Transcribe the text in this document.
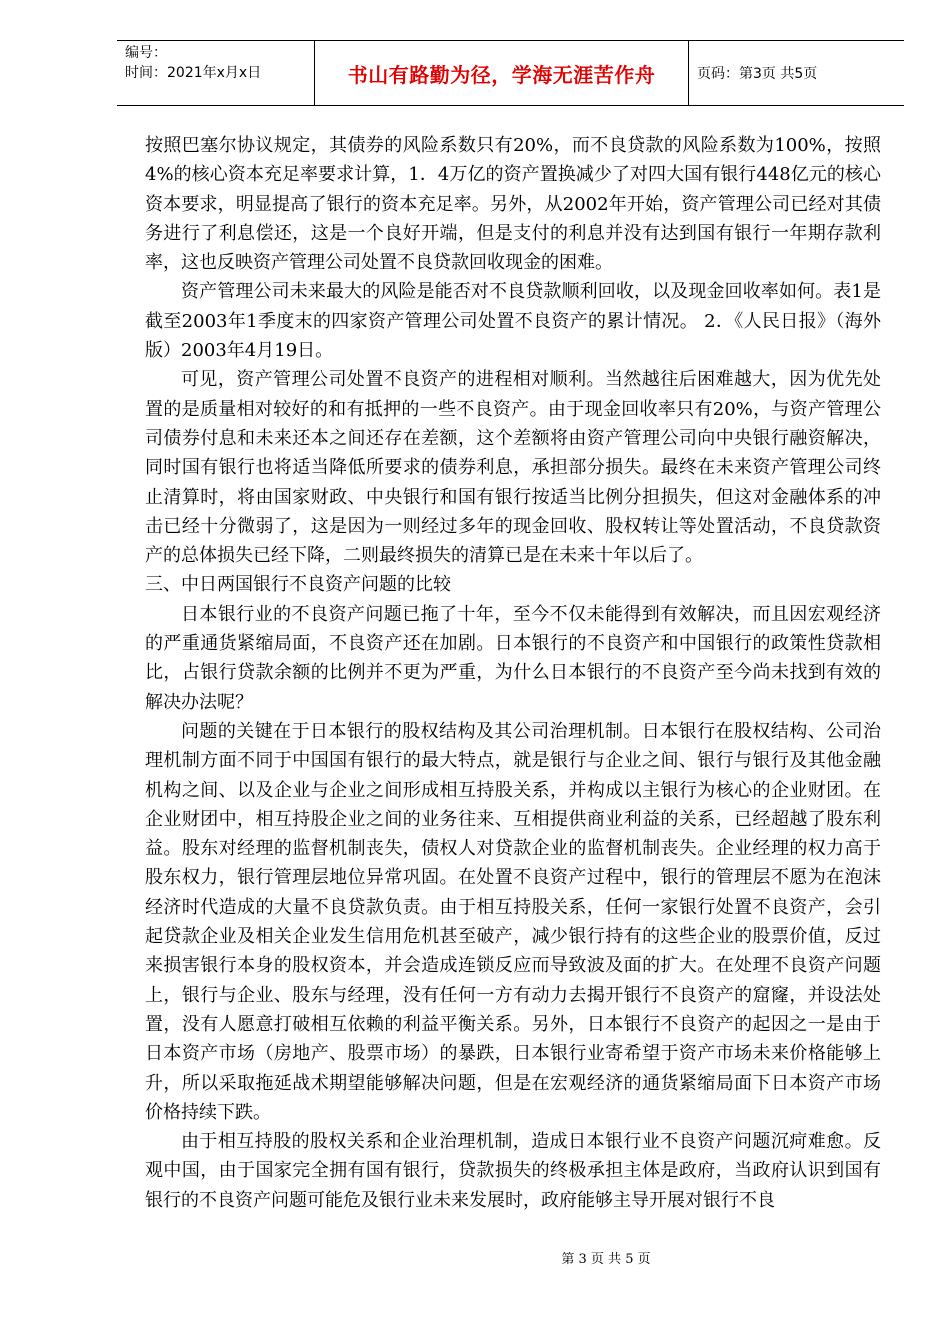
编号：
时间：2021年x月x日	书山有路勤为径，学海无涯苦作舟	页码：第3页 共5页

按照巴塞尔协议规定，其债券的风险系数只有20%，而不良贷款的风险系数为100%，按照4%的核心资本充足率要求计算，1．4万亿的资产置换减少了对四大国有银行448亿元的核心资本要求，明显提高了银行的资本充足率。另外，从2002年开始，资产管理公司已经对其债务进行了利息偿还，这是一个良好开端，但是支付的利息并没有达到国有银行一年期存款利率，这也反映资产管理公司处置不良贷款回收现金的困难。

资产管理公司未来最大的风险是能否对不良贷款顺利回收，以及现金回收率如何。表1是截至2003年1季度末的四家资产管理公司处置不良资产的累计情况。 2．《人民日报》（海外版）2003年4月19日。

可见，资产管理公司处置不良资产的进程相对顺利。当然越往后困难越大，因为优先处置的是质量相对较好的和有抵押的一些不良资产。由于现金回收率只有20%，与资产管理公司债券付息和未来还本之间还存在差额，这个差额将由资产管理公司向中央银行融资解决，同时国有银行也将适当降低所要求的债券利息，承担部分损失。最终在未来资产管理公司终止清算时，将由国家财政、中央银行和国有银行按适当比例分担损失，但这对金融体系的冲击已经十分微弱了，这是因为一则经过多年的现金回收、股权转让等处置活动，不良贷款资产的总体损失已经下降，二则最终损失的清算已是在未来十年以后了。

三、中日两国银行不良资产问题的比较

日本银行业的不良资产问题已拖了十年，至今不仅未能得到有效解决，而且因宏观经济的严重通货紧缩局面，不良资产还在加剧。日本银行的不良资产和中国银行的政策性贷款相比，占银行贷款余额的比例并不更为严重，为什么日本银行的不良资产至今尚未找到有效的解决办法呢？

问题的关键在于日本银行的股权结构及其公司治理机制。日本银行在股权结构、公司治理机制方面不同于中国国有银行的最大特点，就是银行与企业之间、银行与银行及其他金融机构之间、以及企业与企业之间形成相互持股关系，并构成以主银行为核心的企业财团。在企业财团中，相互持股企业之间的业务往来、互相提供商业利益的关系，已经超越了股东利益。股东对经理的监督机制丧失，债权人对贷款企业的监督机制丧失。企业经理的权力高于股东权力，银行管理层地位异常巩固。在处置不良资产过程中，银行的管理层不愿为在泡沫经济时代造成的大量不良贷款负责。由于相互持股关系，任何一家银行处置不良资产，会引起贷款企业及相关企业发生信用危机甚至破产，减少银行持有的这些企业的股票价值，反过来损害银行本身的股权资本，并会造成连锁反应而导致波及面的扩大。在处理不良资产问题上，银行与企业、股东与经理，没有任何一方有动力去揭开银行不良资产的窟窿，并设法处置，没有人愿意打破相互依赖的利益平衡关系。另外，日本银行不良资产的起因之一是由于日本资产市场（房地产、股票市场）的暴跌，日本银行业寄希望于资产市场未来价格能够上升，所以采取拖延战术期望能够解决问题，但是在宏观经济的通货紧缩局面下日本资产市场价格持续下跌。

由于相互持股的股权关系和企业治理机制，造成日本银行业不良资产问题沉疴难愈。反观中国，由于国家完全拥有国有银行，贷款损失的终极承担主体是政府，当政府认识到国有银行的不良资产问题可能危及银行业未来发展时，政府能够主导开展对银行不良

第 3 页 共 5 页
